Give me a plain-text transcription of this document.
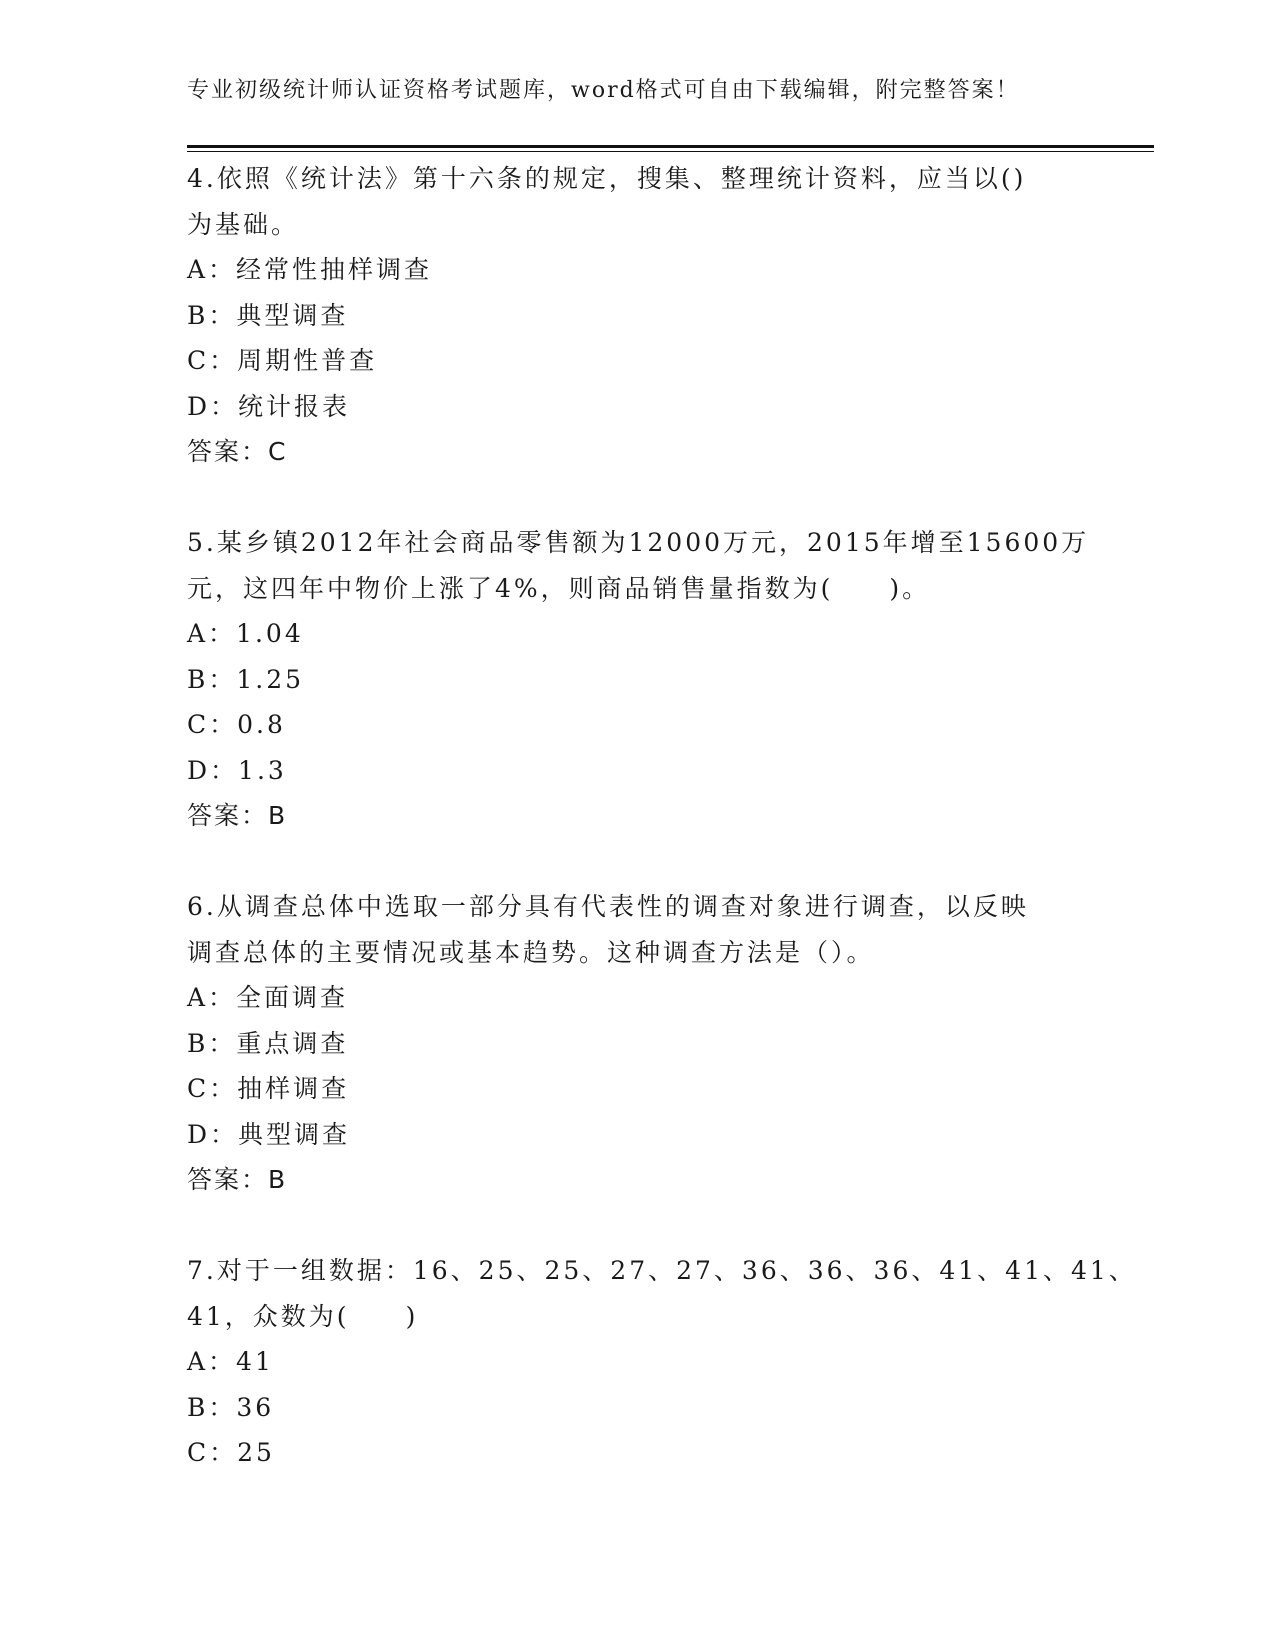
专业初级统计师认证资格考试题库，word格式可自由下载编辑，附完整答案！
4.依照《统计法》第十六条的规定，搜集、整理统计资料，应当以()
为基础。
A：经常性抽样调查
B：典型调查
C：周期性普查
D：统计报表
答案：C
5.某乡镇2012年社会商品零售额为12000万元，2015年增至15600万
元，这四年中物价上涨了4%，则商品销售量指数为(　　)。
A：1.04
B：1.25
C：0.8
D：1.3
答案：B
6.从调查总体中选取一部分具有代表性的调查对象进行调查，以反映
调查总体的主要情况或基本趋势。这种调查方法是（）。
A：全面调查
B：重点调查
C：抽样调查
D：典型调查
答案：B
7.对于一组数据：16、25、25、27、27、36、36、36、41、41、41、
41，众数为(　　)
A：41
B：36
C：25
